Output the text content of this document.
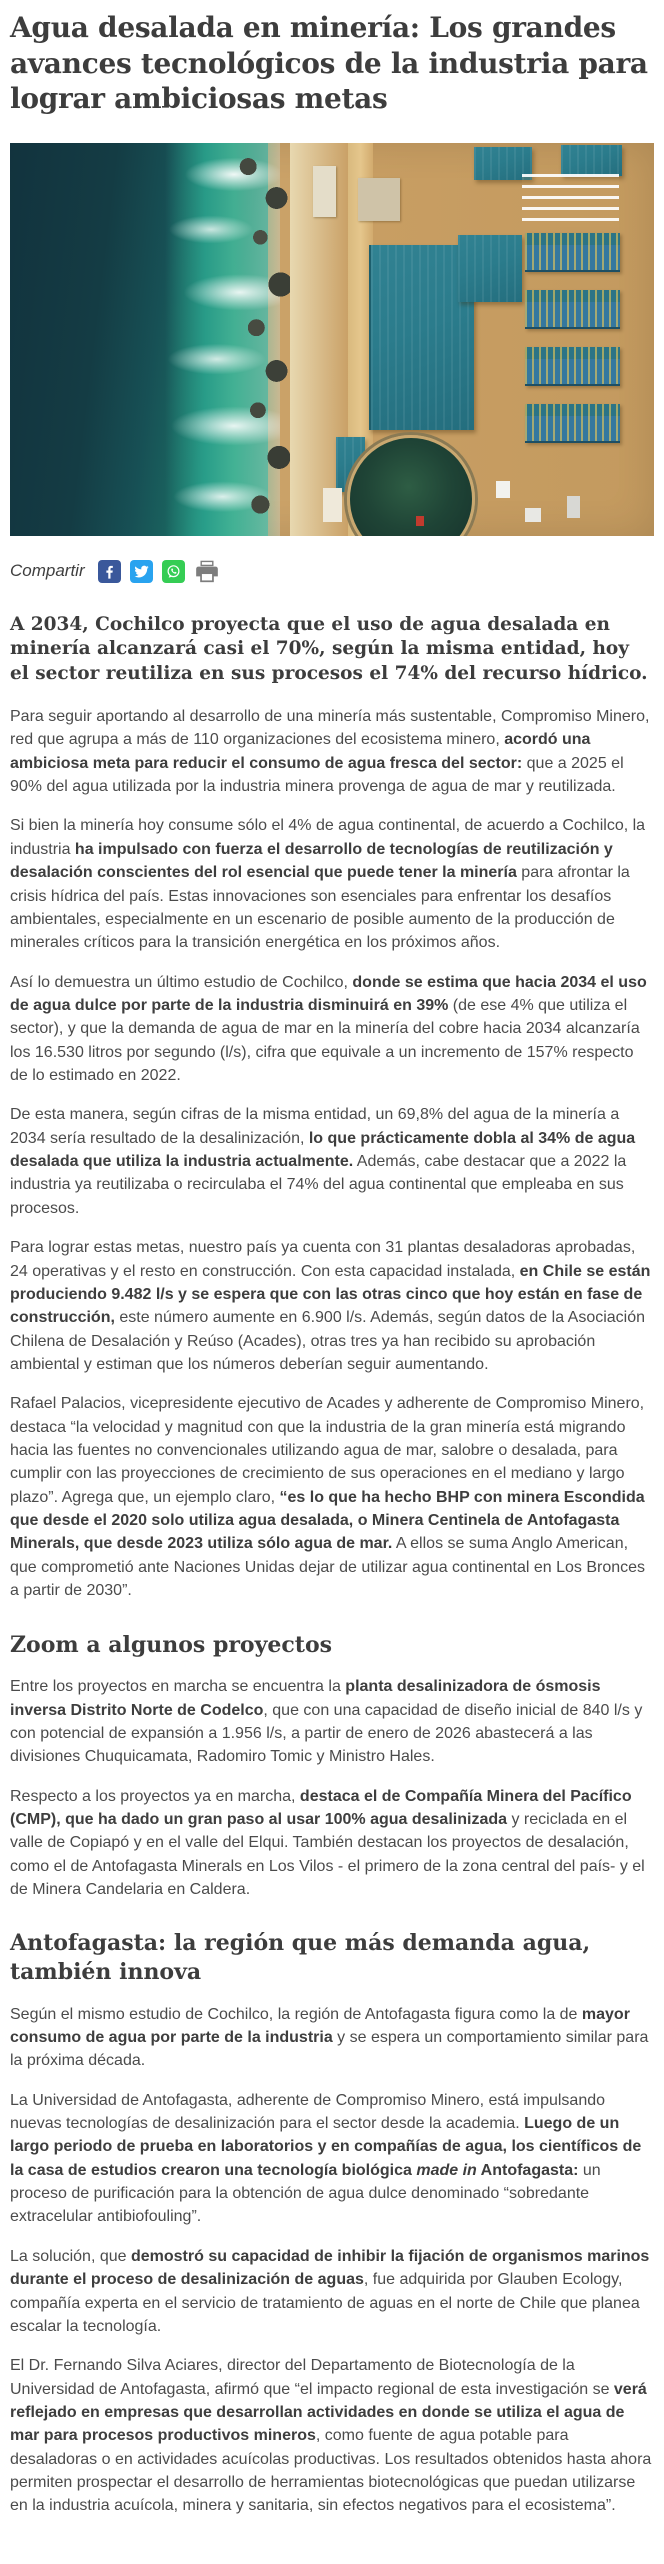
Agua desalada en minería: Los grandes avances tecnológicos de la industria para lograr ambiciosas metas
Compartir

A 2034, Cochilco proyecta que el uso de agua desalada en minería alcanzará casi el 70%, según la misma entidad, hoy el sector reutiliza en sus procesos el 74% del recurso hídrico.

Para seguir aportando al desarrollo de una minería más sustentable, Compromiso Minero, red que agrupa a más de 110 organizaciones del ecosistema minero, acordó una ambiciosa meta para reducir el consumo de agua fresca del sector: que a 2025 el 90% del agua utilizada por la industria minera provenga de agua de mar y reutilizada.

Si bien la minería hoy consume sólo el 4% de agua continental, de acuerdo a Cochilco, la industria ha impulsado con fuerza el desarrollo de tecnologías de reutilización y desalación conscientes del rol esencial que puede tener la minería para afrontar la crisis hídrica del país. Estas innovaciones son esenciales para enfrentar los desafíos ambientales, especialmente en un escenario de posible aumento de la producción de minerales críticos para la transición energética en los próximos años.

Así lo demuestra un último estudio de Cochilco, donde se estima que hacia 2034 el uso de agua dulce por parte de la industria disminuirá en 39% (de ese 4% que utiliza el sector), y que la demanda de agua de mar en la minería del cobre hacia 2034 alcanzaría los 16.530 litros por segundo (l/s), cifra que equivale a un incremento de 157% respecto de lo estimado en 2022.

De esta manera, según cifras de la misma entidad, un 69,8% del agua de la minería a 2034 sería resultado de la desalinización, lo que prácticamente dobla al 34% de agua desalada que utiliza la industria actualmente. Además, cabe destacar que a 2022 la industria ya reutilizaba o recirculaba el 74% del agua continental que empleaba en sus procesos.

Para lograr estas metas, nuestro país ya cuenta con 31 plantas desaladoras aprobadas, 24 operativas y el resto en construcción. Con esta capacidad instalada, en Chile se están produciendo 9.482 l/s y se espera que con las otras cinco que hoy están en fase de construcción, este número aumente en 6.900 l/s. Además, según datos de la Asociación Chilena de Desalación y Reúso (Acades), otras tres ya han recibido su aprobación ambiental y estiman que los números deberían seguir aumentando.

Rafael Palacios, vicepresidente ejecutivo de Acades y adherente de Compromiso Minero, destaca “la velocidad y magnitud con que la industria de la gran minería está migrando hacia las fuentes no convencionales utilizando agua de mar, salobre o desalada, para cumplir con las proyecciones de crecimiento de sus operaciones en el mediano y largo plazo”. Agrega que, un ejemplo claro, “es lo que ha hecho BHP con minera Escondida que desde el 2020 solo utiliza agua desalada, o Minera Centinela de Antofagasta Minerals, que desde 2023 utiliza sólo agua de mar. A ellos se suma Anglo American, que comprometió ante Naciones Unidas dejar de utilizar agua continental en Los Bronces a partir de 2030”.

Zoom a algunos proyectos

Entre los proyectos en marcha se encuentra la planta desalinizadora de ósmosis inversa Distrito Norte de Codelco, que con una capacidad de diseño inicial de 840 l/s y con potencial de expansión a 1.956 l/s, a partir de enero de 2026 abastecerá a las divisiones Chuquicamata, Radomiro Tomic y Ministro Hales.

Respecto a los proyectos ya en marcha, destaca el de Compañía Minera del Pacífico (CMP), que ha dado un gran paso al usar 100% agua desalinizada y reciclada en el valle de Copiapó y en el valle del Elqui. También destacan los proyectos de desalación, como el de Antofagasta Minerals en Los Vilos - el primero de la zona central del país- y el de Minera Candelaria en Caldera.

Antofagasta: la región que más demanda agua, también innova

Según el mismo estudio de Cochilco, la región de Antofagasta figura como la de mayor consumo de agua por parte de la industria y se espera un comportamiento similar para la próxima década.

La Universidad de Antofagasta, adherente de Compromiso Minero, está impulsando nuevas tecnologías de desalinización para el sector desde la academia. Luego de un largo periodo de prueba en laboratorios y en compañías de agua, los científicos de la casa de estudios crearon una tecnología biológica made in Antofagasta: un proceso de purificación para la obtención de agua dulce denominado “sobredante extracelular antibiofouling”.

La solución, que demostró su capacidad de inhibir la fijación de organismos marinos durante el proceso de desalinización de aguas, fue adquirida por Glauben Ecology, compañía experta en el servicio de tratamiento de aguas en el norte de Chile que planea escalar la tecnología.

El Dr. Fernando Silva Aciares, director del Departamento de Biotecnología de la Universidad de Antofagasta, afirmó que “el impacto regional de esta investigación se verá reflejado en empresas que desarrollan actividades en donde se utiliza el agua de mar para procesos productivos mineros, como fuente de agua potable para desaladoras o en actividades acuícolas productivas. Los resultados obtenidos hasta ahora permiten prospectar el desarrollo de herramientas biotecnológicas que puedan utilizarse en la industria acuícola, minera y sanitaria, sin efectos negativos para el ecosistema”.
